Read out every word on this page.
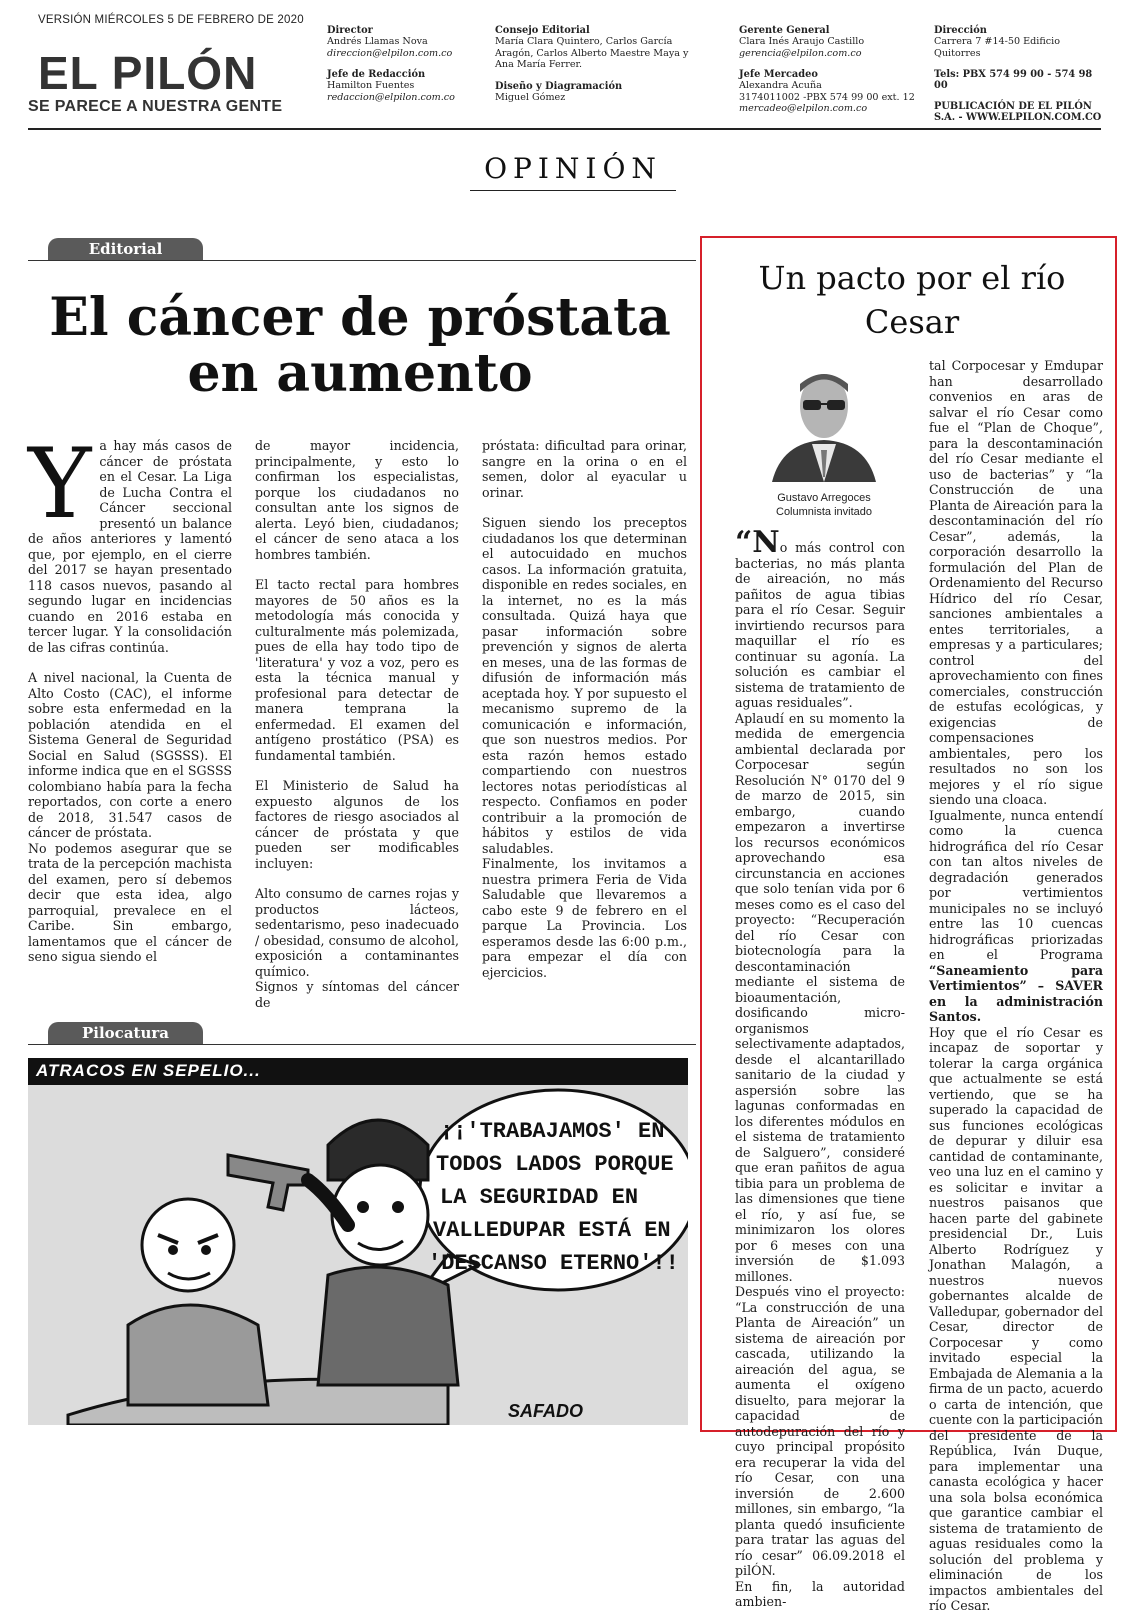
VERSIÓN MIÉRCOLES 5 DE FEBRERO DE 2020
EL PILÓN
SE PARECE A NUESTRA GENTE
Director
Andrés Llamas Nova
direccion@elpilon.com.co
Jefe de Redacción
Hamilton Fuentes
redaccion@elpilon.com.co
Consejo Editorial
María Clara Quintero, Carlos García Aragón, Carlos Alberto Maestre Maya y Ana María Ferrer.
Diseño y Diagramación
Miguel Gómez
Gerente General
Clara Inés Araujo Castillo
gerencia@elpilon.com.co
Jefe Mercadeo
Alexandra Acuña
3174011002 -PBX 574 99 00 ext. 12
mercadeo@elpilon.com.co
Dirección
Carrera 7 #14-50 Edificio Quitorres
Tels: PBX 574 99 00 - 574 98 00
PUBLICACIÓN DE EL PILÓN S.A. - WWW.ELPILON.COM.CO
OPINIÓN
Editorial
El cáncer de próstata en aumento
Y a hay más casos de cáncer de próstata en el Cesar. La Liga de Lucha Contra el Cáncer seccional presentó un balance de años anteriores y lamentó que, por ejemplo, en el cierre del 2017 se hayan presentado 118 casos nuevos, pasando al segundo lugar en incidencias cuando en 2016 estaba en tercer lugar. Y la consolidación de las cifras continúa.

A nivel nacional, la Cuenta de Alto Costo (CAC), el informe sobre esta enfermedad en la población atendida en el Sistema General de Seguridad Social en Salud (SGSSS). El informe indica que en el SGSSS colombiano había para la fecha reportados, con corte a enero de 2018, 31.547 casos de cáncer de próstata.

No podemos asegurar que se trata de la percepción machista del examen, pero sí debemos decir que esta idea, algo parroquial, prevalece en el Caribe. Sin embargo, lamentamos que el cáncer de seno sigua siendo el

de mayor incidencia, principalmente, y esto lo confirman los especialistas, porque los ciudadanos no consultan ante los signos de alerta. Leyó bien, ciudadanos; el cáncer de seno ataca a los hombres también.

El tacto rectal para hombres mayores de 50 años es la metodología más conocida y culturalmente más polemizada, pues de ella hay todo tipo de 'literatura' y voz a voz, pero es esta la técnica manual y profesional para detectar de manera temprana la enfermedad. El examen del antígeno prostático (PSA) es fundamental también.

El Ministerio de Salud ha expuesto algunos de los factores de riesgo asociados al cáncer de próstata y que pueden ser modificables incluyen:

Alto consumo de carnes rojas y productos lácteos, sedentarismo, peso inadecuado / obesidad, consumo de alcohol, exposición a contaminantes químico.

Signos y síntomas del cáncer de

próstata: dificultad para orinar, sangre en la orina o en el semen, dolor al eyacular u orinar.

Siguen siendo los preceptos ciudadanos los que determinan el autocuidado en muchos casos. La información gratuita, disponible en redes sociales, en la internet, no es la más consultada. Quizá haya que pasar información sobre prevención y signos de alerta en meses, una de las formas de difusión de información más aceptada hoy. Y por supuesto el mecanismo supremo de la comunicación e información, que son nuestros medios. Por esta razón hemos estado compartiendo con nuestros lectores notas periodísticas al respecto. Confiamos en poder contribuir a la promoción de hábitos y estilos de vida saludables.

Finalmente, los invitamos a nuestra primera Feria de Vida Saludable que llevaremos a cabo este 9 de febrero en el parque La Provincia. Los esperamos desde las 6:00 p.m., para empezar el día con ejercicios.

Pilocatura
ATRACOS EN SEPELIO...
¡¡'TRABAJAMOS' EN
TODOS LADOS PORQUE
LA SEGURIDAD EN
VALLEDUPAR ESTÁ EN
'DESCANSO ETERNO'!!
SAFADO
Un pacto por el río
Cesar
Gustavo Arregoces
Columnista invitado

“No más control con bacterias, no más planta de aireación, no más pañitos de agua tibias para el río Cesar. Seguir invirtiendo recursos para maquillar el río es continuar su agonía. La solución es cambiar el sistema de tratamiento de aguas residuales”.

Aplaudí en su momento la medida de emergencia ambiental declarada por Corpocesar según Resolución N° 0170 del 9 de marzo de 2015, sin embargo, cuando empezaron a invertirse los recursos económicos aprovechando esa circunstancia en acciones que solo tenían vida por 6 meses como es el caso del proyecto: “Recuperación del río Cesar con biotecnología para la descontaminación mediante el sistema de bioaumentación, dosificando micro-organismos selectivamente adaptados, desde el alcantarillado sanitario de la ciudad y aspersión sobre las lagunas conformadas en los diferentes módulos en el sistema de tratamiento de Salguero”, consideré que eran pañitos de agua tibia para un problema de las dimensiones que tiene el río, y así fue, se minimizaron los olores por 6 meses con una inversión de $1.093 millones.

Después vino el proyecto: “La construcción de una Planta de Aireación” un sistema de aireación por cascada, utilizando la aireación del agua, se aumenta el oxígeno disuelto, para mejorar la capacidad de autodepuración del río y cuyo principal propósito era recuperar la vida del río Cesar, con una inversión de 2.600 millones, sin embargo, “la planta quedó insuficiente para tratar las aguas del río cesar” 06.09.2018 el pilÓN.

En fin, la autoridad ambien-

tal Corpocesar y Emdupar han desarrollado convenios en aras de salvar el río Cesar como fue el “Plan de Choque”, para la descontaminación del río Cesar mediante el uso de bacterias” y “la Construcción de una Planta de Aireación para la descontaminación del río Cesar”, además, la corporación desarrollo la formulación del Plan de Ordenamiento del Recurso Hídrico del río Cesar, sanciones ambientales a entes territoriales, a empresas y a particulares; control del aprovechamiento con fines comerciales, construcción de estufas ecológicas, y exigencias de compensaciones ambientales, pero los resultados no son los mejores y el río sigue siendo una cloaca.

Igualmente, nunca entendí como la cuenca hidrográfica del río Cesar con tan altos niveles de degradación generados por vertimientos municipales no se incluyó entre las 10 cuencas hidrográficas priorizadas en el Programa “Saneamiento para Vertimientos” – SAVER en la administración Santos.

Hoy que el río Cesar es incapaz de soportar y tolerar la carga orgánica que actualmente se está vertiendo, que se ha superado la capacidad de sus funciones ecológicas de depurar y diluir esa cantidad de contaminante, veo una luz en el camino y es solicitar e invitar a nuestros paisanos que hacen parte del gabinete presidencial Dr., Luis Alberto Rodríguez y Jonathan Malagón, a nuestros nuevos gobernantes alcalde de Valledupar, gobernador del Cesar, director de Corpocesar y como invitado especial la Embajada de Alemania a la firma de un pacto, acuerdo o carta de intención, que cuente con la participación del presidente de la República, Iván Duque, para implementar una canasta ecológica y hacer una sola bolsa económica que garantice cambiar el sistema de tratamiento de aguas residuales como la solución del problema y eliminación de los impactos ambientales del río Cesar.
